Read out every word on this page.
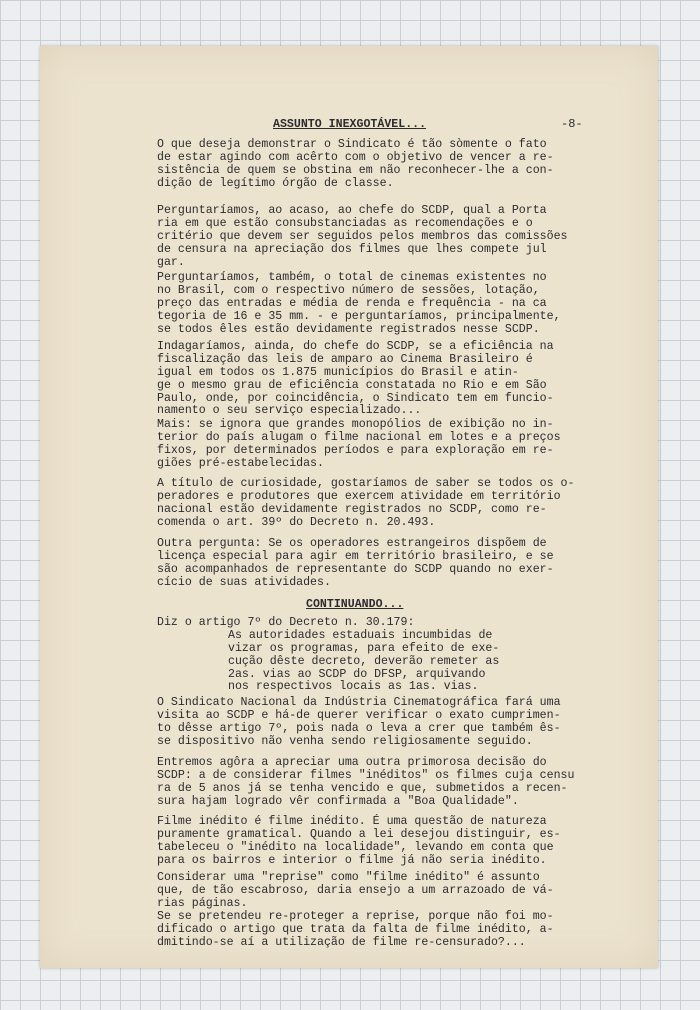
-8-
ASSUNTO INEXGOTÁVEL...
O que deseja demonstrar o Sindicato é tão sòmente o fato
de estar agindo com acêrto com o objetivo de vencer a re-
sistência de quem se obstina em não reconhecer-lhe a con-
dição de legítimo órgão de classe.
Perguntaríamos, ao acaso, ao chefe do SCDP, qual a Porta
ria em que estão consubstanciadas as recomendações e o
critério que devem ser seguidos pelos membros das comissões
de censura na apreciação dos filmes que lhes compete jul
gar.
Perguntaríamos, também, o total de cinemas existentes no
no Brasil, com o respectivo número de sessões, lotação,
preço das entradas e média de renda e frequência - na ca
tegoria de 16 e 35 mm. - e perguntaríamos, principalmente,
se todos êles estão devidamente registrados nesse SCDP.
Indagaríamos, ainda, do chefe do SCDP, se a eficiência na
fiscalização das leis de amparo ao Cinema Brasileiro é
igual em todos os 1.875 municípios do Brasil e atin-
ge o mesmo grau de eficiência constatada no Rio e em São
Paulo, onde, por coincidência, o Sindicato tem em funcio-
namento o seu serviço especializado...
Mais: se ignora que grandes monopólios de exibição no in-
terior do país alugam o filme nacional em lotes e a preços
fixos, por determinados períodos e para exploração em re-
giões pré-estabelecidas.
A título de curiosidade, gostaríamos de saber se todos os o-
peradores e produtores que exercem atividade em território
nacional estão devidamente registrados no SCDP, como re-
comenda o art. 39º do Decreto n. 20.493.
Outra pergunta: Se os operadores estrangeiros dispõem de
licença especial para agir em território brasileiro, e se
são acompanhados de representante do SCDP quando no exer-
cício de suas atividades.
CONTINUANDO...
Diz o artigo 7º do Decreto n. 30.179:
As autoridades estaduais incumbidas de
vizar os programas, para efeito de exe-
cução dêste decreto, deverão remeter as
2as. vias ao SCDP do DFSP, arquivando
nos respectivos locais as 1as. vias.
O Sindicato Nacional da Indústria Cinematográfica fará uma
visita ao SCDP e há-de querer verificar o exato cumprimen-
to dêsse artigo 7º, pois nada o leva a crer que também ês-
se dispositivo não venha sendo religiosamente seguido.
Entremos agôra a apreciar uma outra primorosa decisão do
SCDP: a de considerar filmes "inéditos" os filmes cuja censu
ra de 5 anos já se tenha vencido e que, submetidos a recen-
sura hajam logrado vêr confirmada a "Boa Qualidade".
Filme inédito é filme inédito. É uma questão de natureza
puramente gramatical. Quando a lei desejou distinguir, es-
tabeleceu o "inédito na localidade", levando em conta que
para os bairros e interior o filme já não seria inédito.
Considerar uma "reprise" como "filme inédito" é assunto
que, de tão escabroso, daria ensejo a um arrazoado de vá-
rias páginas.
Se se pretendeu re-proteger a reprise, porque não foi mo-
dificado o artigo que trata da falta de filme inédito, a-
dmitindo-se aí a utilização de filme re-censurado?...
